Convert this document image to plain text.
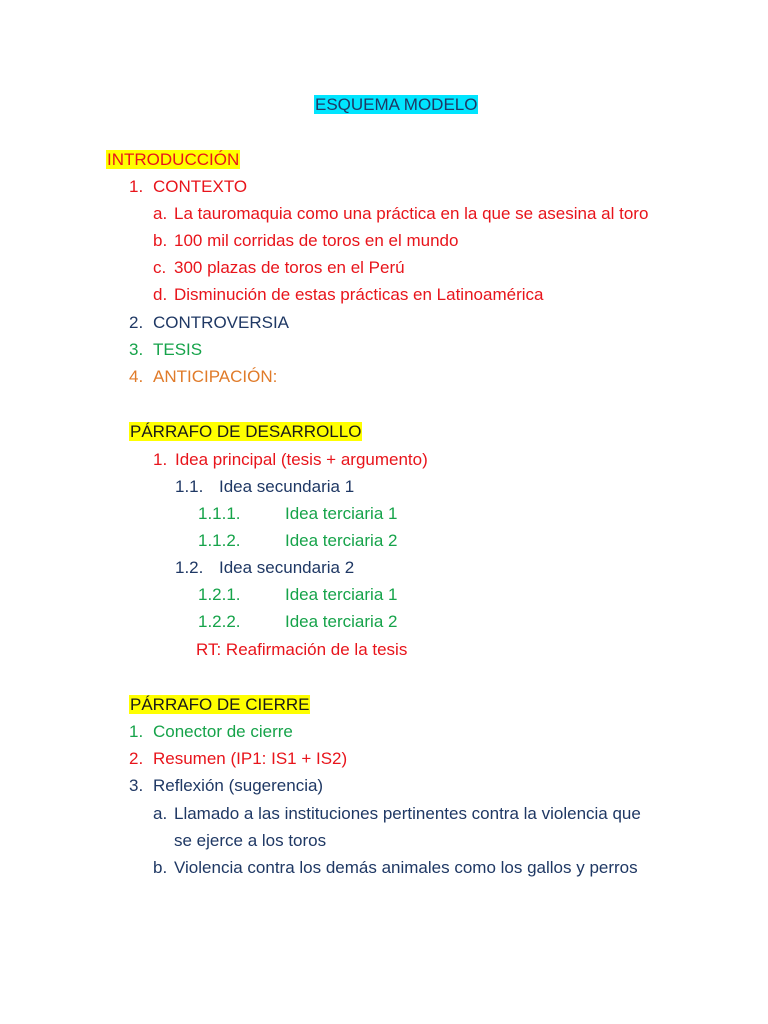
ESQUEMA MODELO
INTRODUCCIÓN
1. CONTEXTO
a. La tauromaquia como una práctica en la que se asesina al toro
b. 100 mil corridas de toros en el mundo
c. 300 plazas de toros en el Perú
d. Disminución de estas prácticas en Latinoamérica
2. CONTROVERSIA
3. TESIS
4. ANTICIPACIÓN:
PÁRRAFO DE DESARROLLO
1. Idea principal (tesis + argumento)
1.1. Idea secundaria 1
1.1.1.	Idea terciaria 1
1.1.2.	Idea terciaria 2
1.2. Idea secundaria 2
1.2.1.	Idea terciaria 1
1.2.2.	Idea terciaria 2
RT: Reafirmación de la tesis
PÁRRAFO DE CIERRE
1. Conector de cierre
2. Resumen (IP1: IS1 + IS2)
3. Reflexión (sugerencia)
a. Llamado a las instituciones pertinentes contra la violencia que
se ejerce a los toros
b. Violencia contra los demás animales como los gallos y perros
